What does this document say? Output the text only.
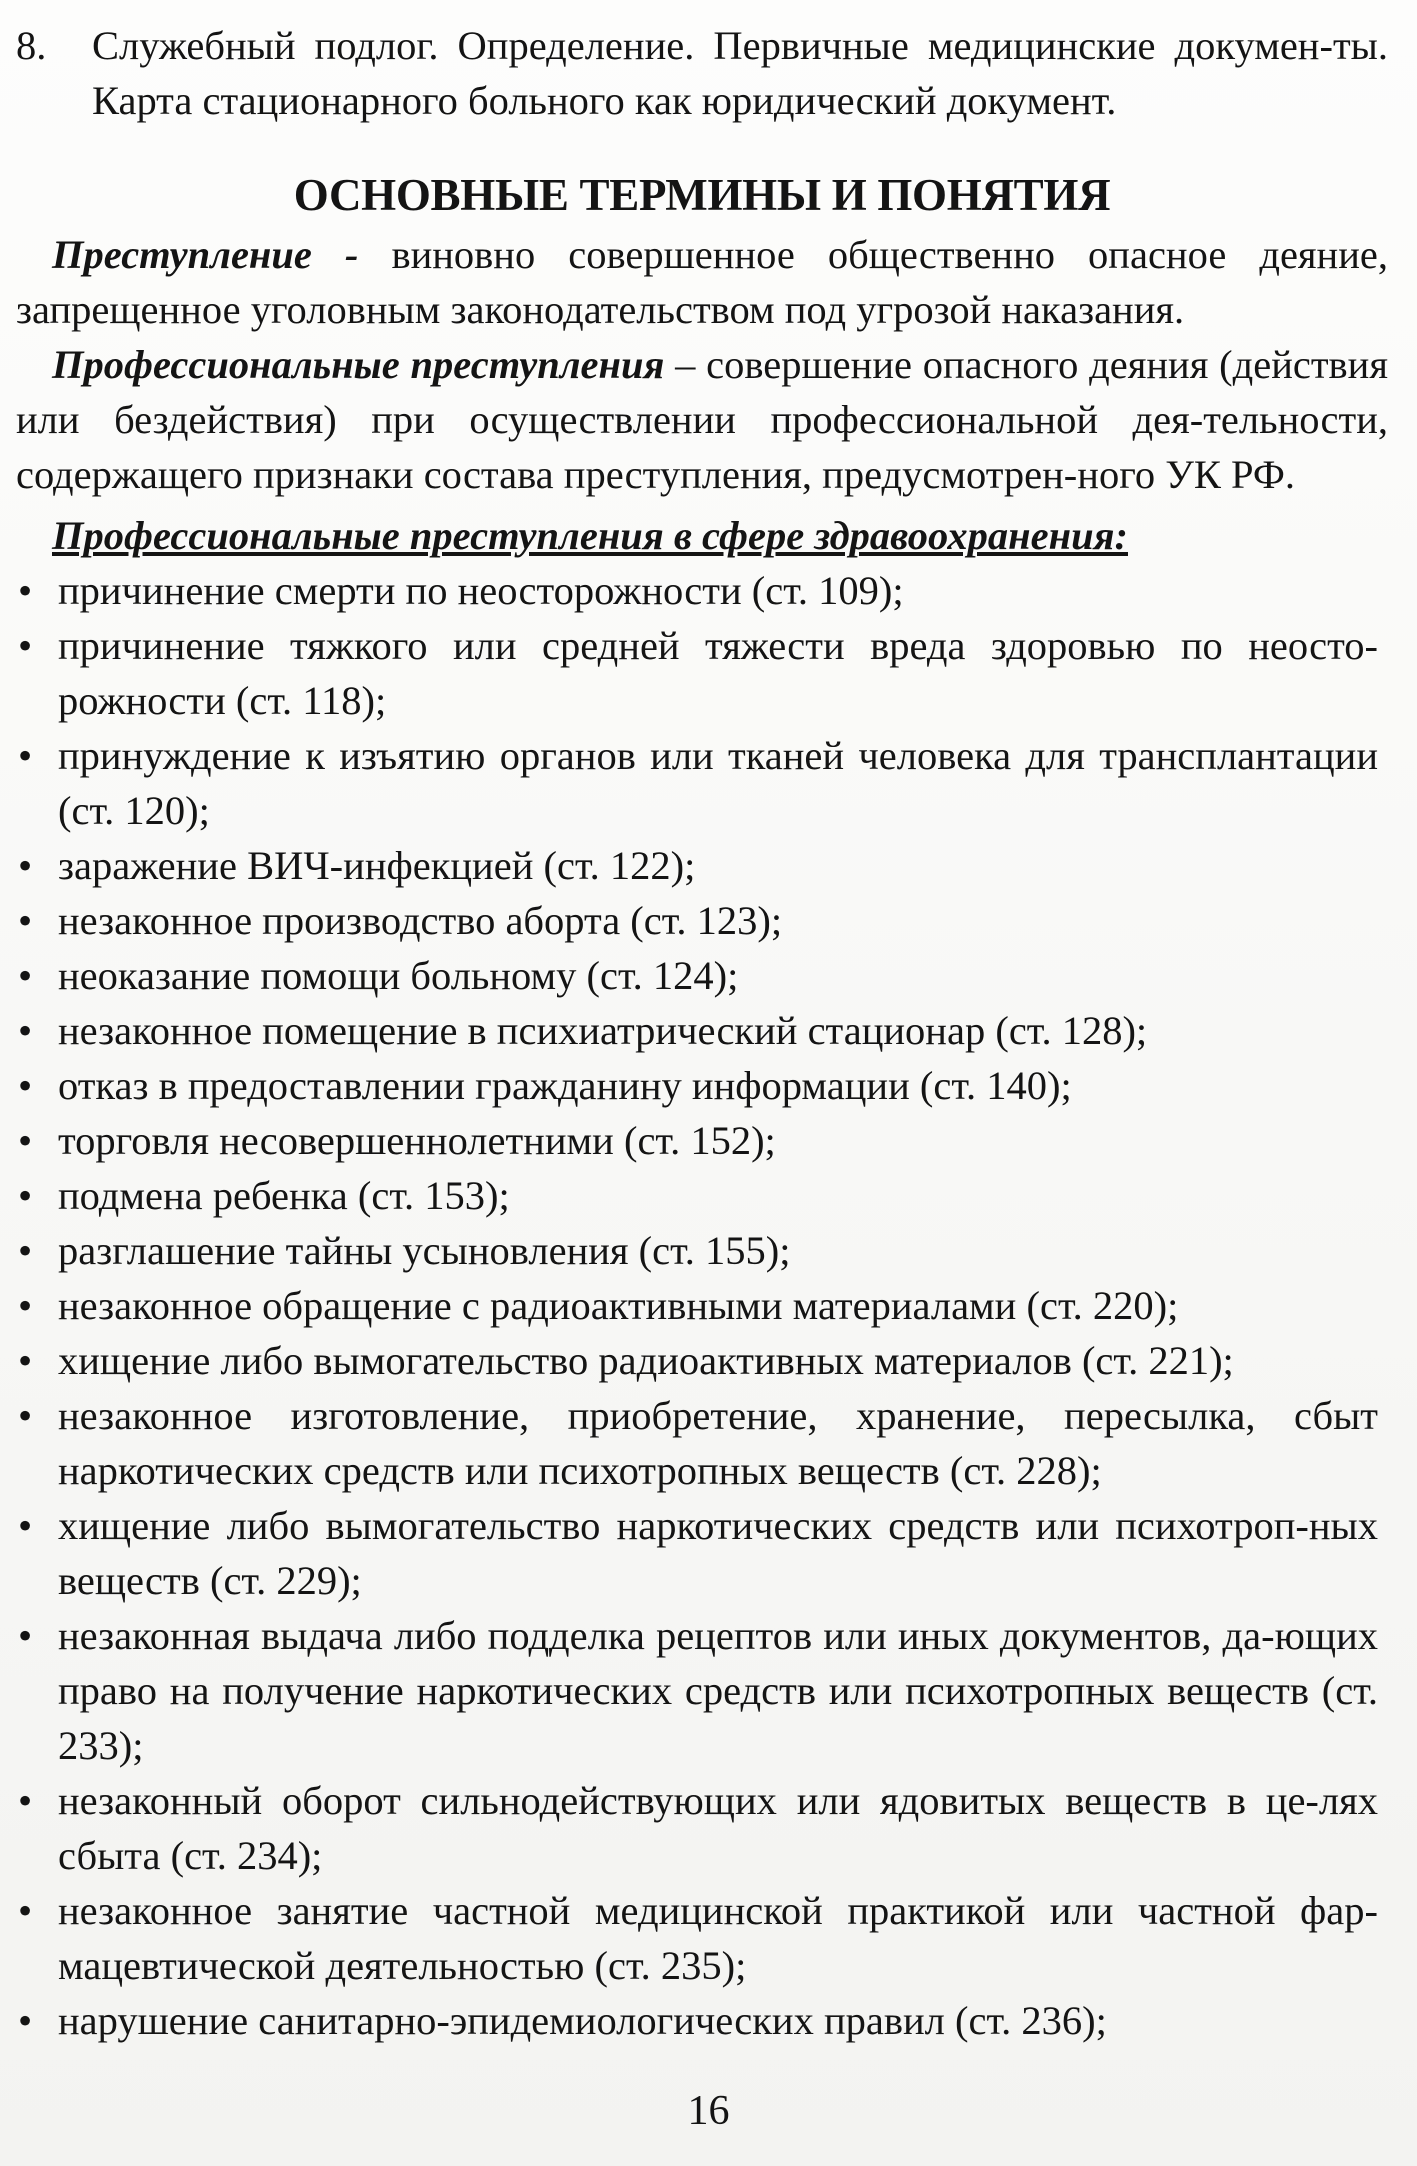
8.	Служебный подлог. Определение. Первичные медицинские докумен-ты. Карта стационарного больного как юридический документ.
ОСНОВНЫЕ ТЕРМИНЫ И ПОНЯТИЯ

Преступление - виновно совершенное общественно опасное деяние, запрещенное уголовным законодательством под угрозой наказания.

Профессиональные преступления – совершение опасного деяния (действия или бездействия) при осуществлении профессиональной дея-тельности, содержащего признаки состава преступления, предусмотрен-ного УК РФ.

Профессиональные преступления в сфере здравоохранения:

• причинение смерти по неосторожности (ст. 109);
• причинение тяжкого или средней тяжести вреда здоровью по неосто-рожности (ст. 118);
• принуждение к изъятию органов или тканей человека для трансплантации (ст. 120);
• заражение ВИЧ-инфекцией (ст. 122);
• незаконное производство аборта (ст. 123);
• неоказание помощи больному (ст. 124);
• незаконное помещение в психиатрический стационар (ст. 128);
• отказ в предоставлении гражданину информации (ст. 140);
• торговля несовершеннолетними (ст. 152);
• подмена ребенка (ст. 153);
• разглашение тайны усыновления (ст. 155);
• незаконное обращение с радиоактивными материалами (ст. 220);
• хищение либо вымогательство радиоактивных материалов (ст. 221);
• незаконное изготовление, приобретение, хранение, пересылка, сбыт наркотических средств или психотропных веществ (ст. 228);
• хищение либо вымогательство наркотических средств или психотроп-ных веществ (ст. 229);
• незаконная выдача либо подделка рецептов или иных документов, да-ющих право на получение наркотических средств или психотропных веществ (ст. 233);
• незаконный оборот сильнодействующих или ядовитых веществ в це-лях сбыта (ст. 234);
• незаконное занятие частной медицинской практикой или частной фар-мацевтической деятельностью (ст. 235);
• нарушение санитарно-эпидемиологических правил (ст. 236);
16
